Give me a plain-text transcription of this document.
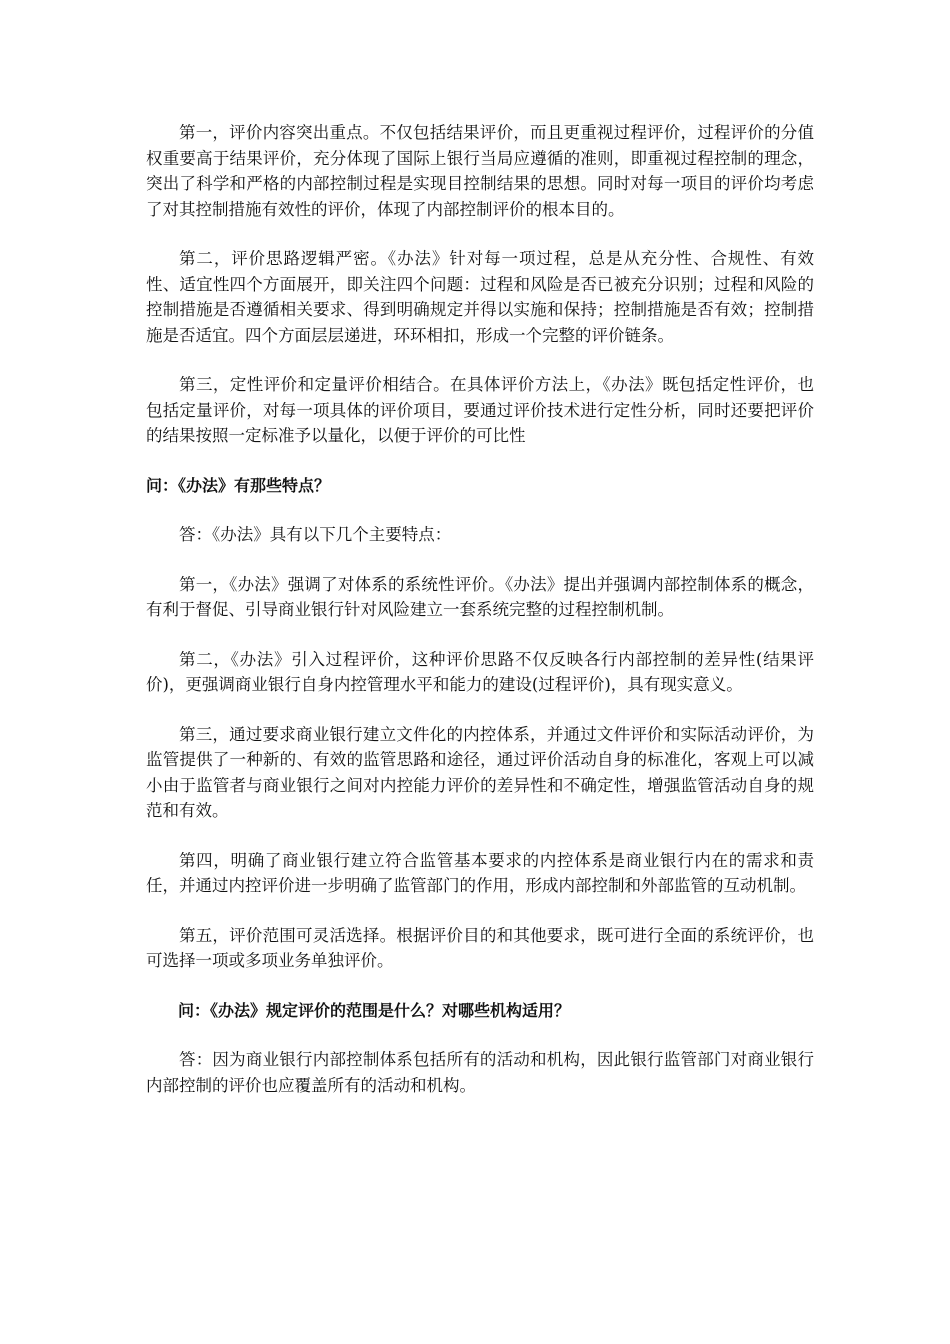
第一，评价内容突出重点。不仅包括结果评价，而且更重视过程评价，过程评价的分值权重要高于结果评价，充分体现了国际上银行当局应遵循的准则，即重视过程控制的理念，突出了科学和严格的内部控制过程是实现目控制结果的思想。同时对每一项目的评价均考虑了对其控制措施有效性的评价，体现了内部控制评价的根本目的。

第二，评价思路逻辑严密。《办法》针对每一项过程，总是从充分性、合规性、有效性、适宜性四个方面展开，即关注四个问题：过程和风险是否已被充分识别；过程和风险的控制措施是否遵循相关要求、得到明确规定并得以实施和保持；控制措施是否有效；控制措施是否适宜。四个方面层层递进，环环相扣，形成一个完整的评价链条。

第三，定性评价和定量评价相结合。在具体评价方法上，《办法》既包括定性评价，也包括定量评价，对每一项具体的评价项目，要通过评价技术进行定性分析，同时还要把评价的结果按照一定标准予以量化，以便于评价的可比性

问：《办法》有那些特点？

答：《办法》具有以下几个主要特点：

第一，《办法》强调了对体系的系统性评价。《办法》提出并强调内部控制体系的概念，有利于督促、引导商业银行针对风险建立一套系统完整的过程控制机制。

第二，《办法》引入过程评价，这种评价思路不仅反映各行内部控制的差异性(结果评价)，更强调商业银行自身内控管理水平和能力的建设(过程评价)，具有现实意义。

第三，通过要求商业银行建立文件化的内控体系，并通过文件评价和实际活动评价，为监管提供了一种新的、有效的监管思路和途径，通过评价活动自身的标准化，客观上可以减小由于监管者与商业银行之间对内控能力评价的差异性和不确定性，增强监管活动自身的规范和有效。

第四，明确了商业银行建立符合监管基本要求的内控体系是商业银行内在的需求和责任，并通过内控评价进一步明确了监管部门的作用，形成内部控制和外部监管的互动机制。

第五，评价范围可灵活选择。根据评价目的和其他要求，既可进行全面的系统评价，也可选择一项或多项业务单独评价。

问：《办法》规定评价的范围是什么？对哪些机构适用？

答：因为商业银行内部控制体系包括所有的活动和机构，因此银行监管部门对商业银行内部控制的评价也应覆盖所有的活动和机构。
